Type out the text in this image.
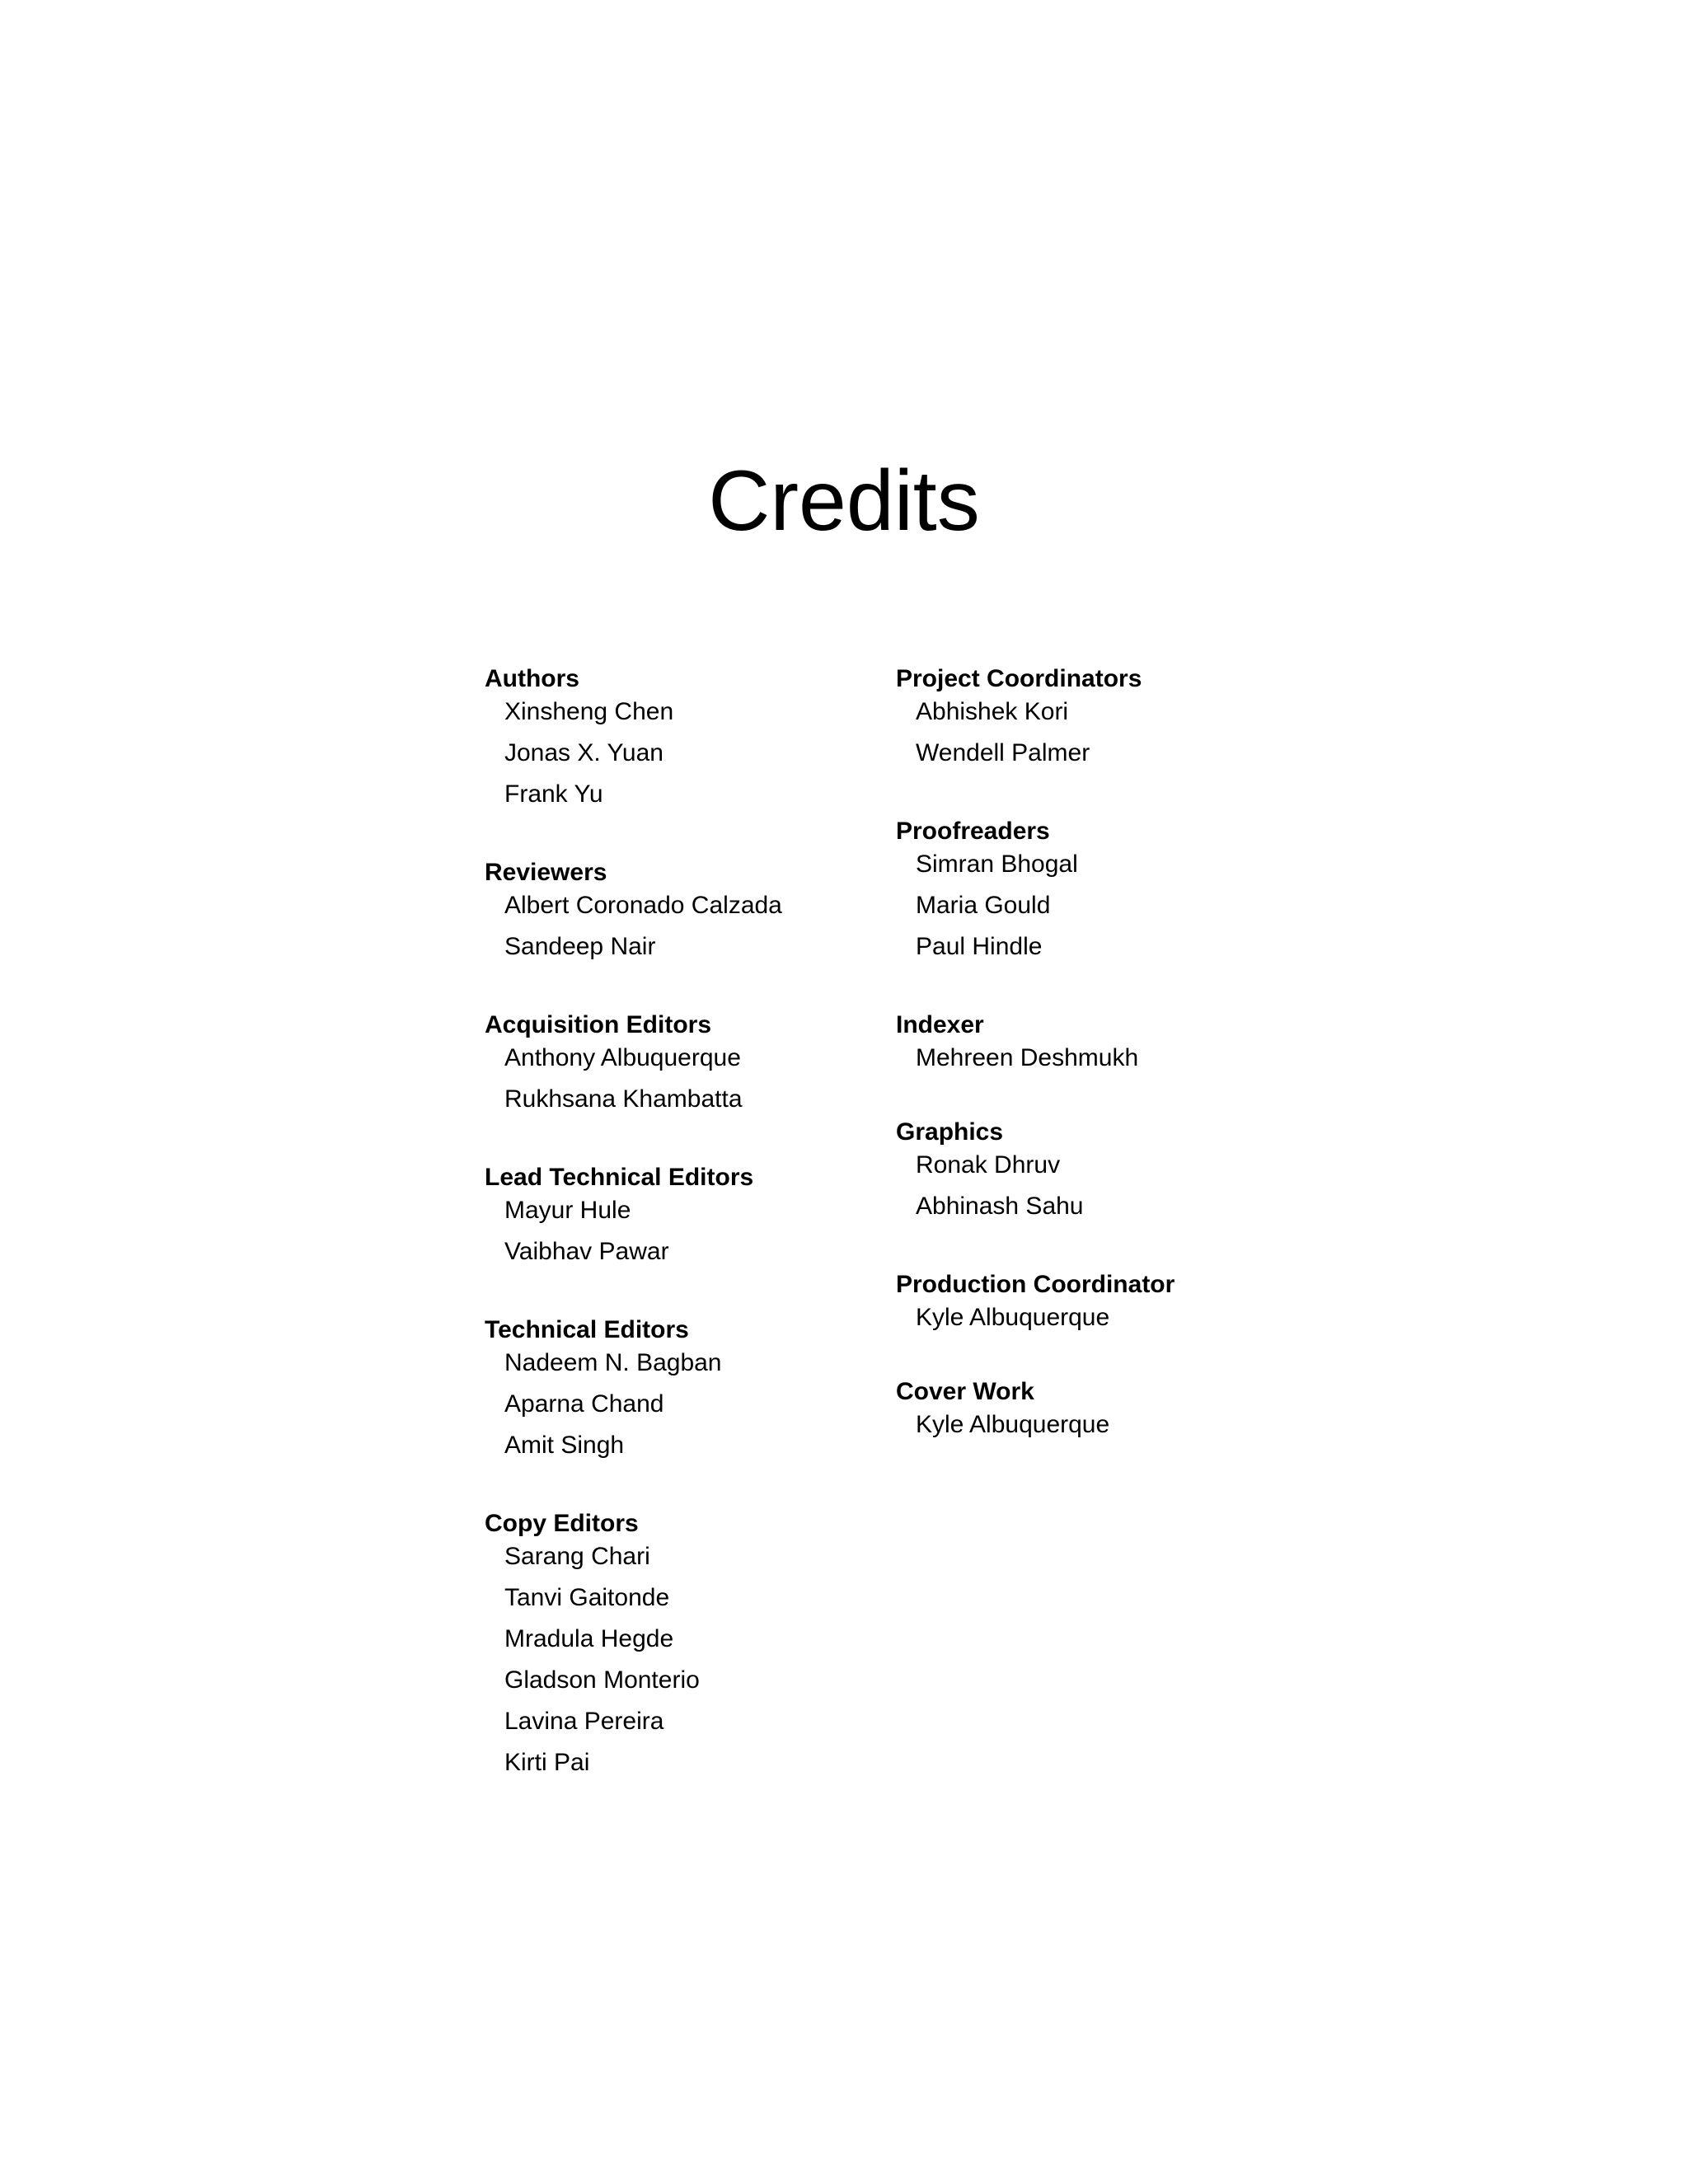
Credits
Authors
Xinsheng Chen
Jonas X. Yuan
Frank Yu
Reviewers
Albert Coronado Calzada
Sandeep Nair
Acquisition Editors
Anthony Albuquerque
Rukhsana Khambatta
Lead Technical Editors
Mayur Hule
Vaibhav Pawar
Technical Editors
Nadeem N. Bagban
Aparna Chand
Amit Singh
Copy Editors
Sarang Chari
Tanvi Gaitonde
Mradula Hegde
Gladson Monterio
Lavina Pereira
Kirti Pai
Project Coordinators
Abhishek Kori
Wendell Palmer
Proofreaders
Simran Bhogal
Maria Gould
Paul Hindle
Indexer
Mehreen Deshmukh
Graphics
Ronak Dhruv
Abhinash Sahu
Production Coordinator
Kyle Albuquerque
Cover Work
Kyle Albuquerque
